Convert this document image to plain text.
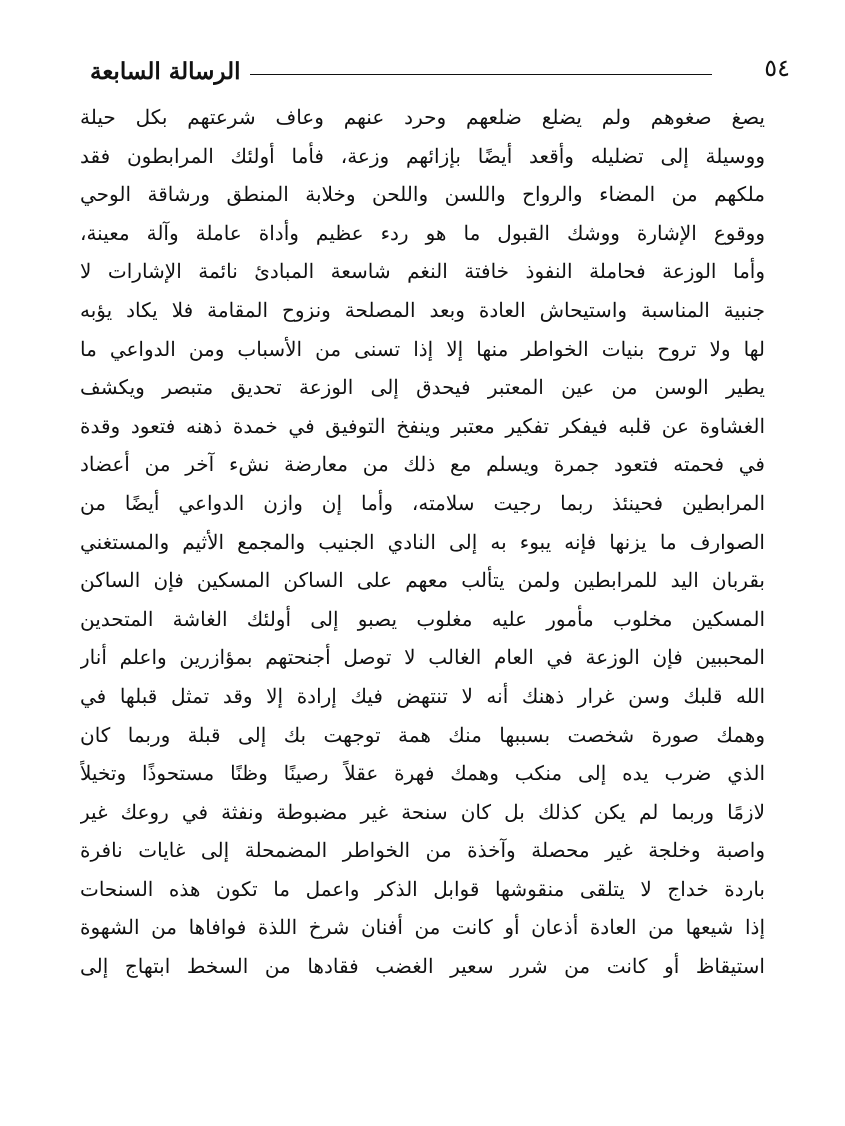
الرسالة السابعة	٥٤
يصغ صغوهم ولم يضلع ضلعهم وحرد عنهم وعاف شرعتهم بكل حيلة
ووسيلة إلى تضليله وأقعد أيضًا بإزائهم وزعة، فأما أولئك المرابطون فقد
ملكهم من المضاء والرواح واللسن واللحن وخلابة المنطق ورشاقة الوحي
ووقوع الإشارة ووشك القبول ما هو ردء عظيم وأداة عاملة وآلة معينة،
وأما الوزعة فحاملة النفوذ خافتة النغم شاسعة المبادئ نائمة الإشارات لا
جنبية المناسبة واستيحاش العادة وبعد المصلحة ونزوح المقامة فلا يكاد يؤبه
لها ولا تروح بنيات الخواطر منها إلا إذا تسنى من الأسباب ومن الدواعي ما
يطير الوسن من عين المعتبر فيحدق إلى الوزعة تحديق متبصر ويكشف
الغشاوة عن قلبه فيفكر تفكير معتبر وينفخ التوفيق في خمدة ذهنه فتعود وقدة
في فحمته فتعود جمرة ويسلم مع ذلك من معارضة نشء آخر من أعضاد
المرابطين فحينئذ ربما رجيت سلامته، وأما إن وازن الدواعي أيضًا من
الصوارف ما يزنها فإنه يبوء به إلى النادي الجنيب والمجمع الأثيم والمستغني
بقربان اليد للمرابطين ولمن يتألب معهم على الساكن المسكين فإن الساكن
المسكين مخلوب مأمور عليه مغلوب يصبو إلى أولئك الغاشة المتحدين
المحببين فإن الوزعة في العام الغالب لا توصل أجنحتهم بمؤازرين واعلم أنار
الله قلبك وسن غرار ذهنك أنه لا تنتهض فيك إرادة إلا وقد تمثل قبلها في
وهمك صورة شخصت بسببها منك همة توجهت بك إلى قبلة وربما كان
الذي ضرب يده إلى منكب وهمك فهرة عقلاً رصينًا وظنًا مستحوذًا وتخيلاً
لازمًا وربما لم يكن كذلك بل كان سنحة غير مضبوطة ونفثة في روعك غير
واصبة وخلجة غير محصلة وآخذة من الخواطر المضمحلة إلى غايات نافرة
باردة خداج لا يتلقى منقوشها قوابل الذكر واعمل ما تكون هذه السنحات
إذا شيعها من العادة أذعان أو كانت من أفنان شرخ اللذة فوافاها من الشهوة
استيقاظ أو كانت من شرر سعير الغضب فقادها من السخط ابتهاج إلى
